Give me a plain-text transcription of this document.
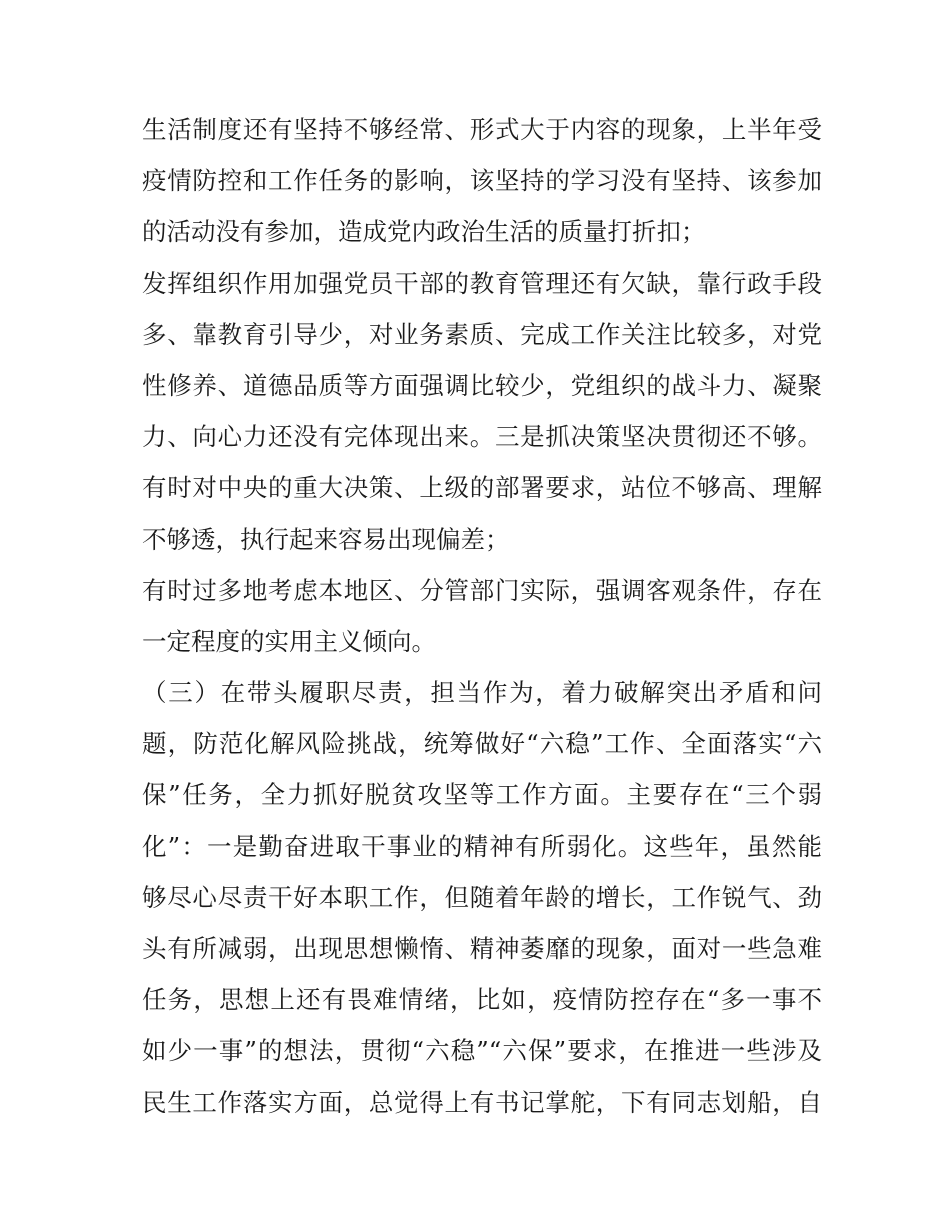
生活制度还有坚持不够经常、形式大于内容的现象，上半年受
疫情防控和工作任务的影响，该坚持的学习没有坚持、该参加
的活动没有参加，造成党内政治生活的质量打折扣；
发挥组织作用加强党员干部的教育管理还有欠缺，靠行政手段
多、靠教育引导少，对业务素质、完成工作关注比较多，对党
性修养、道德品质等方面强调比较少，党组织的战斗力、凝聚
力、向心力还没有完体现出来。三是抓决策坚决贯彻还不够。
有时对中央的重大决策、上级的部署要求，站位不够高、理解
不够透，执行起来容易出现偏差；
有时过多地考虑本地区、分管部门实际，强调客观条件，存在
一定程度的实用主义倾向。
（三）在带头履职尽责，担当作为，着力破解突出矛盾和问
题，防范化解风险挑战，统筹做好“六稳”工作、全面落实“六
保”任务，全力抓好脱贫攻坚等工作方面。主要存在“三个弱
化”：一是勤奋进取干事业的精神有所弱化。这些年，虽然能
够尽心尽责干好本职工作，但随着年龄的增长，工作锐气、劲
头有所减弱，出现思想懒惰、精神萎靡的现象，面对一些急难
任务，思想上还有畏难情绪，比如，疫情防控存在“多一事不
如少一事”的想法，贯彻“六稳”“六保”要求，在推进一些涉及
民生工作落实方面，总觉得上有书记掌舵，下有同志划船，自
